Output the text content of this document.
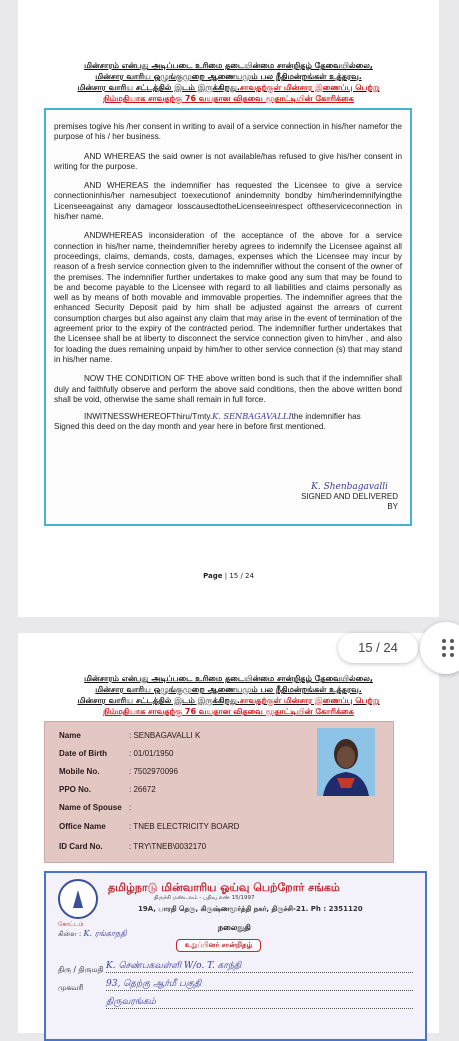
மின்சாரம் என்பது அடிப்படை உரிமை தடையின்மை சான்றிதழ் தேவையில்லை,
மின்சார வாரிய ஒழுங்குமுறை ஆணையமும் பல நீதிமன்றங்கள் உத்தரவு.
மின்சார வாரிய சட்டத்தில் இடம் இருக்கிறது.சாவதற்குள் மின்சார இணைப்பு பெற்று
நிம்மதியாக சாவதற்கு 76 வயதான விதவை மூதாட்டியின் கோரிக்கை

premises togive his /her consent in writing to avail of a service connection in his/her namefor the purpose of his / her business.

AND WHEREAS the said owner is not available/has refused to give his/her consent in writing for the purpose.

AND WHEREAS the indemnifier has requested the Licensee to give a service connectioninhis/her namesubject toexecutionof anindemnity bondby him/herindemnifyingthe Licenseeagainst any damageor losscausedtotheLicenseeinrespect oftheserviceconnection in his/her name.

ANDWHEREAS inconsideration of the acceptance of the above for a service connection in his/her name, theindemnifier hereby agrees to indemnify the Licensee against all proceedings, claims, demands, costs, damages, expenses which the Licensee may incur by reason of a fresh service connection given to the indemnifier without the consent of the owner of the premises. The indemnifier further undertakes to make good any sum that may be found to be and become payable to the Licensee with regard to all liabilities and claims personally as well as by means of both movable and immovable properties. The indemnifier agrees that the enhanced Security Deposit paid by him shall be adjusted against the arrears of current consumption charges but also against any claim that may arise in the event of termination of the agreement prior to the expiry of the contracted period. The indemnifier further undertakes that the Licensee shall be at liberty to disconnect the service connection given to him/her , and also for loading the dues remaining unpaid by him/her to other service connection (s) that may stand in his/her name.

NOW THE CONDITION OF THE above written bond is such that if the indemnifier shall duly and faithfully observe and perform the above said conditions, then the above written bond shall be void, otherwise the same shall remain in full force.

INWITNESSWHEREOFThiru/Tmty.K. SENBAGAVALLIthe indemnifier has

Signed this deed on the day month and year here in before first mentioned.

K. Shenbagavalli
SIGNED AND DELIVERED
BY
Page | 15 / 24
மின்சாரம் என்பது அடிப்படை உரிமை தடையின்மை சான்றிதழ் தேவையில்லை,
மின்சார வாரிய ஒழுங்குமுறை ஆணையமும் பல நீதிமன்றங்கள் உத்தரவு.
மின்சார வாரிய சட்டத்தில் இடம் இருக்கிறது.சாவதற்குள் மின்சார இணைப்பு பெற்று
நிம்மதியாக சாவதற்கு 76 வயதான விதவை மூதாட்டியின் கோரிக்கை
Name	: SENBAGAVALLI K
Date of Birth	: 01/01/1950
Mobile No.	: 7502970096
PPO No.	: 26672
Name of Spouse :
Office Name	: TNEB ELECTRICITY BOARD
ID Card No.	: TRY\TNEB\0032170
தமிழ்நாடு மின்வாரிய ஓய்வு பெற்றோர் சங்கம்
திருச்சி மண்டலம் - பதிவு எண் 15/1997
19A, பாரதி தெரு, கிருஷ்ணமூர்த்தி நகர், திருச்சி-21. Ph : 2351120
கோட்டம்
கிளை : K. ரங்காநதி
நலைநுதி
உறுப்பினர் சான்றிதழ்
திரு / திருமதி K. செண்பகவள்ளி W/o. T. காந்தி
முகவரி 93, தெற்கு ஆர்மீ பகுதி
திருவரங்கம்
15 / 24
